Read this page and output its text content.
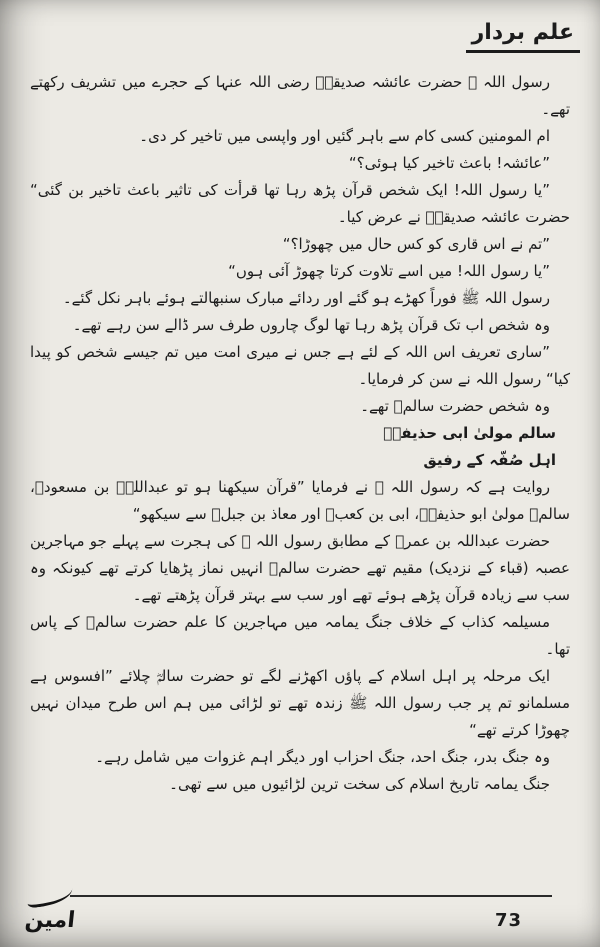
علم بردار

رسول اللہ ﷺ حضرت عائشہ صدیقہؓ رضی اللہ عنہا کے حجرے میں تشریف رکھتے تھے۔

ام المومنین کسی کام سے باہر گئیں اور واپسی میں تاخیر کر دی۔

”عائشہ! باعث تاخیر کیا ہوئی؟“

”یا رسول اللہ! ایک شخص قرآن پڑھ رہا تھا قرأت کی تاثیر باعث تاخیر بن گئی“ حضرت عائشہ صدیقہؓ نے عرض کیا۔

”تم نے اس قاری کو کس حال میں چھوڑا؟“

”یا رسول اللہ! میں اسے تلاوت کرتا چھوڑ آئی ہوں“

رسول اللہ ﷺ فوراً کھڑے ہو گئے اور ردائے مبارک سنبھالتے ہوئے باہر نکل گئے۔

وہ شخص اب تک قرآن پڑھ رہا تھا لوگ چاروں طرف سر ڈالے سن رہے تھے۔

”ساری تعریف اس اللہ کے لئے ہے جس نے میری امت میں تم جیسے شخص کو پیدا کیا“ رسول اللہ نے سن کر فرمایا۔

وہ شخص حضرت سالمؓ تھے۔

سالم مولیٰ ابی حذیفہؓ

اہل صُفّہ کے رفیق

روایت ہے کہ رسول اللہ ﷺ نے فرمایا ”قرآن سیکھنا ہو تو عبداللہؓ بن مسعودؓ، سالمؓ مولیٰ ابو حذیفہؓ، ابی بن کعبؓ اور معاذ بن جبلؓ سے سیکھو“

حضرت عبداللہ بن عمرؓ کے مطابق رسول اللہ ﷺ کی ہجرت سے پہلے جو مہاجرین عصبہ (قباء کے نزدیک) مقیم تھے حضرت سالمؓ انہیں نماز پڑھایا کرتے تھے کیونکہ وہ سب سے زیادہ قرآن پڑھے ہوئے تھے اور سب سے بہتر قرآن پڑھتے تھے۔

مسیلمہ کذاب کے خلاف جنگ یمامہ میں مہاجرین کا علم حضرت سالمؓ کے پاس تھا۔

ایک مرحلہ پر اہل اسلام کے پاؤں اکھڑنے لگے تو حضرت سالمؓ چلائے ”افسوس ہے مسلمانو تم پر جب رسول اللہ ﷺ زندہ تھے تو لڑائی میں ہم اس طرح میدان نہیں چھوڑا کرتے تھے“

وہ جنگ بدر، جنگ احد، جنگ احزاب اور دیگر اہم غزوات میں شامل رہے۔

جنگ یمامہ تاریخ اسلام کی سخت ترین لڑائیوں میں سے تھی۔

73
امین
